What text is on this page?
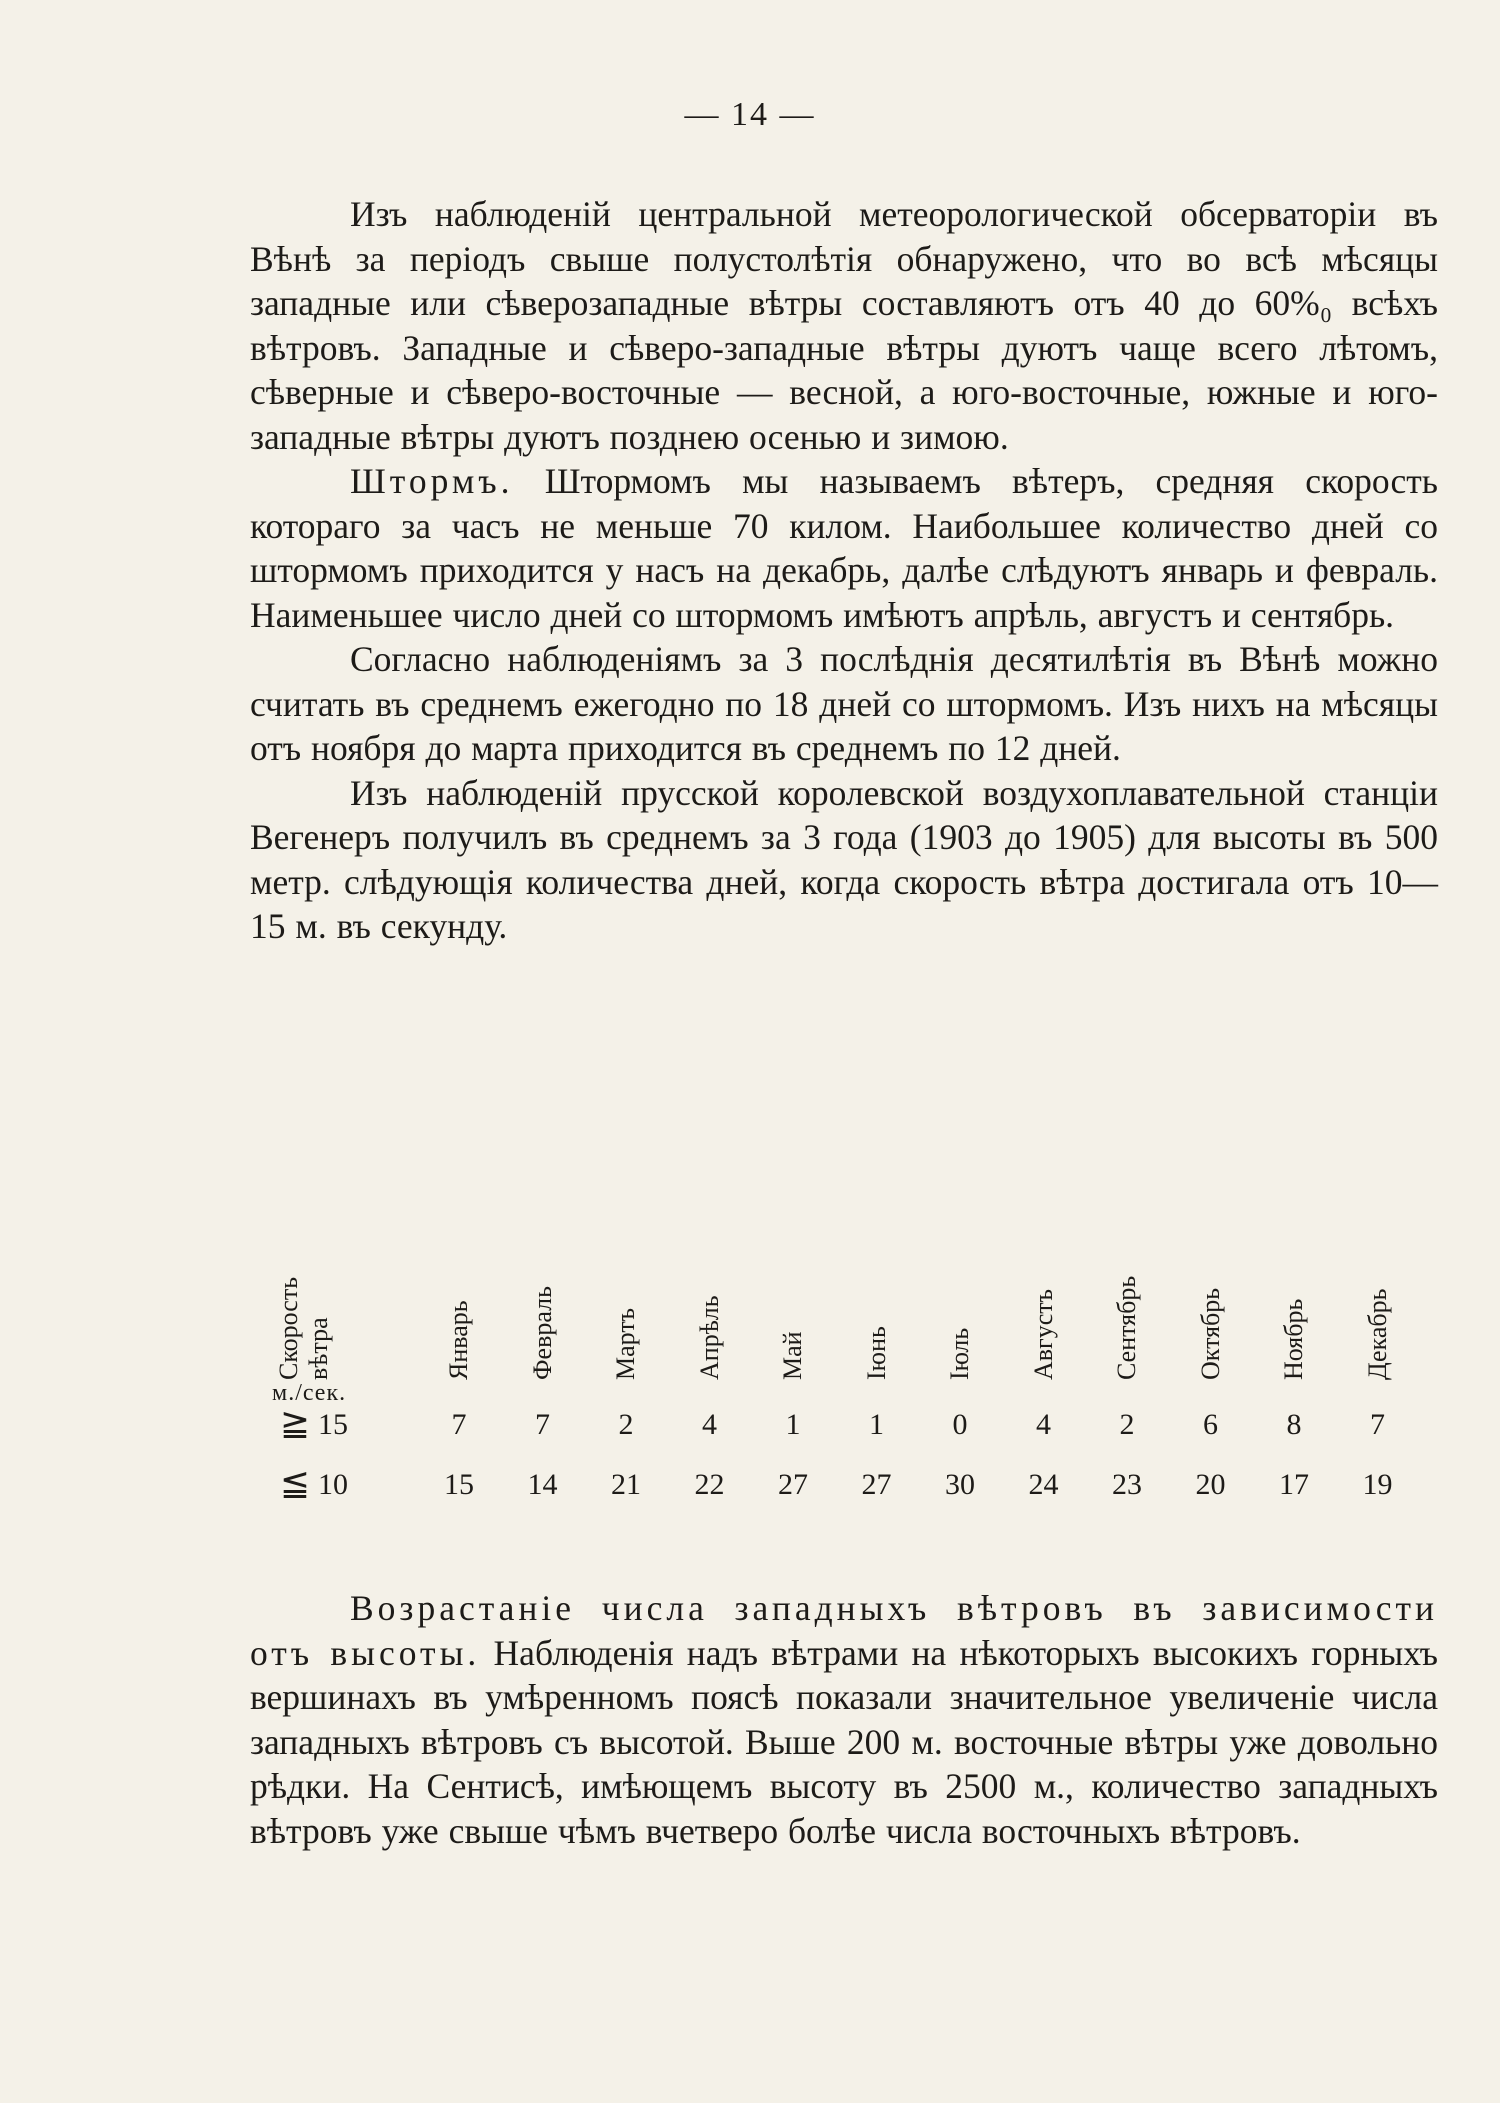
— 14 —

Изъ наблюденій центральной метеорологической обсерваторіи въ Вѣнѣ за періодъ свыше полустолѣтія обнаружено, что во всѣ мѣсяцы западные или сѣверозападные вѣтры составляютъ отъ 40 до 60%₀ всѣхъ вѣтровъ. Западные и сѣверо-западные вѣтры дуютъ чаще всего лѣтомъ, сѣверные и сѣверо-восточные — весной, а юго-восточные, южные и юго-западные вѣтры дуютъ позднею осенью и зимою.

Штормъ. Штормомъ мы называемъ вѣтеръ, средняя скорость котораго за часъ не меньше 70 килом. Наибольшее количество дней со штормомъ приходится у насъ на декабрь, далѣе слѣдуютъ январь и февраль. Наименьшее число дней со штормомъ имѣютъ апрѣль, августъ и сентябрь.

Согласно наблюденіямъ за 3 послѣднія десятилѣтія въ Вѣнѣ можно считать въ среднемъ ежегодно по 18 дней со штормомъ. Изъ нихъ на мѣсяцы отъ ноября до марта приходится въ среднемъ по 12 дней.

Изъ наблюденій прусской королевской воздухоплавательной станціи Вегенеръ получилъ въ среднемъ за 3 года (1903 до 1905) для высоты въ 500 метр. слѣдующія количества дней, когда скорость вѣтра достигала отъ 10—15 м. въ секунду.

Скорость вѣтра
м./сек.
≧ 15
≦ 10
Январь
7
15
Февраль
7
14
Мартъ
2
21
Апрѣль
4
22
Май
1
27
Іюнь
1
27
Іюль
0
30
Августъ
4
24
Сентябрь
2
23
Октябрь
6
20
Ноябрь
8
17
Декабрь
7
19

Возрастаніе числа западныхъ вѣтровъ въ зависимости отъ высоты. Наблюденія надъ вѣтрами на нѣкоторыхъ высокихъ горныхъ вершинахъ въ умѣренномъ поясѣ показали значительное увеличеніе числа западныхъ вѣтровъ съ высотой. Выше 200 м. восточные вѣтры уже довольно рѣдки. На Сентисѣ, имѣющемъ высоту въ 2500 м., количество западныхъ вѣтровъ уже свыше чѣмъ вчетверо болѣе числа восточныхъ вѣтровъ.
